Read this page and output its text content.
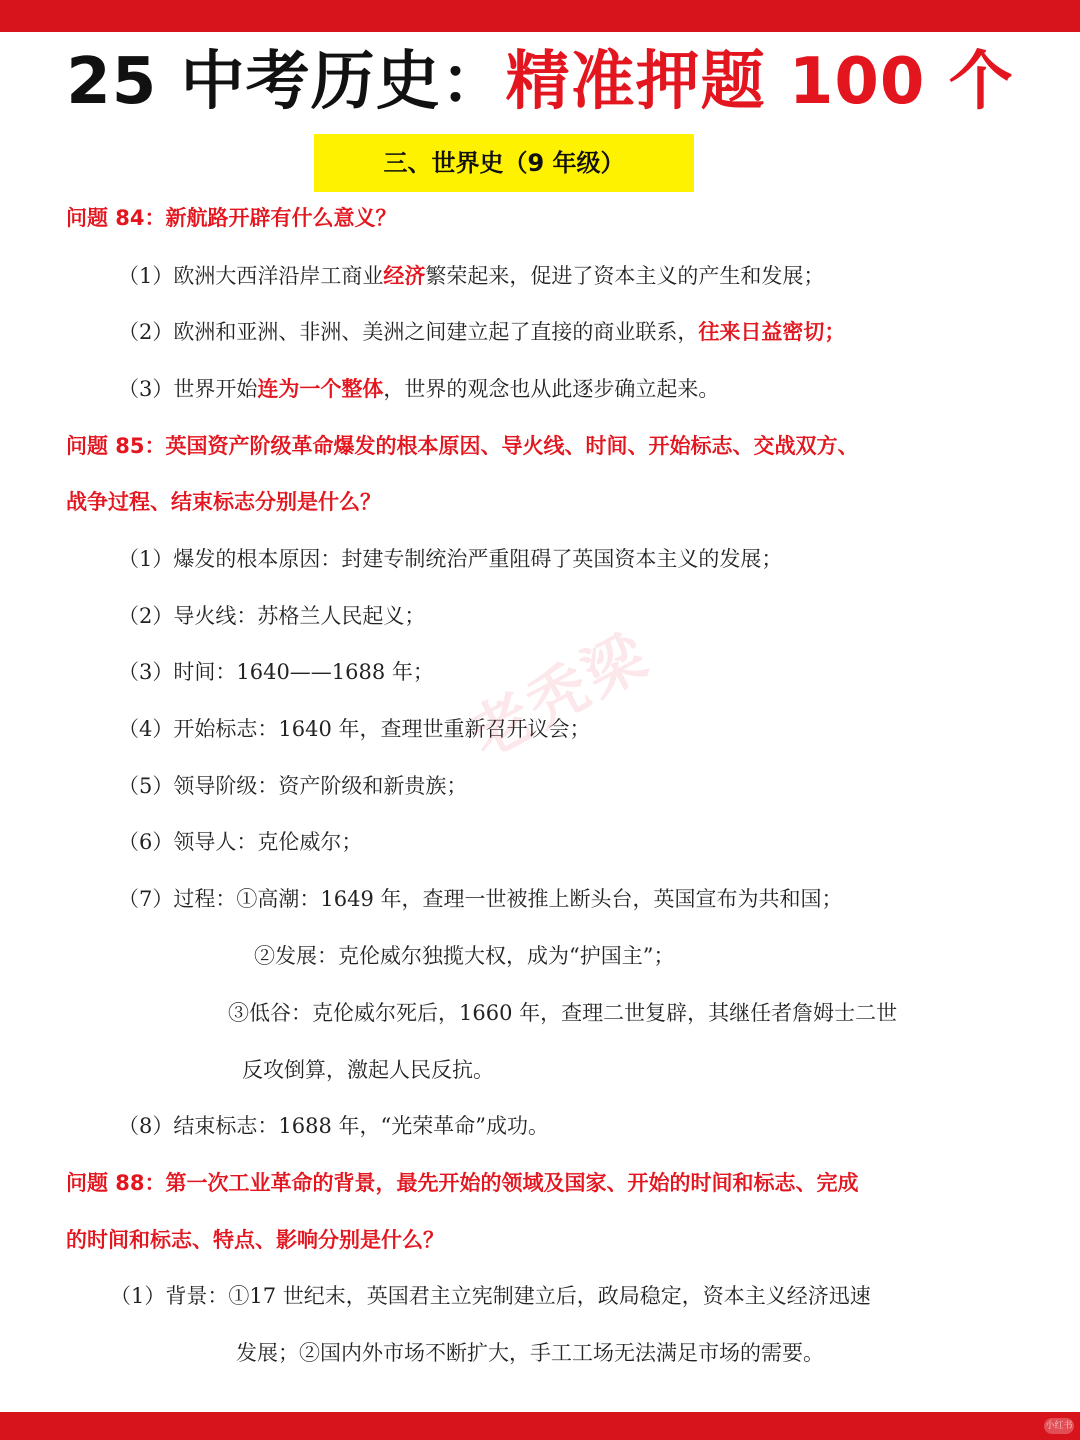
25 中考历史：精准押题 100 个
三、世界史（9 年级）
问题 84：新航路开辟有什么意义？
（1）欧洲大西洋沿岸工商业经济繁荣起来，促进了资本主义的产生和发展；
（2）欧洲和亚洲、非洲、美洲之间建立起了直接的商业联系，往来日益密切；
（3）世界开始连为一个整体，世界的观念也从此逐步确立起来。
问题 85：英国资产阶级革命爆发的根本原因、导火线、时间、开始标志、交战双方、
战争过程、结束标志分别是什么？
（1）爆发的根本原因：封建专制统治严重阻碍了英国资本主义的发展；
（2）导火线：苏格兰人民起义；
（3）时间：1640——1688 年；
（4）开始标志：1640 年，查理世重新召开议会；
（5）领导阶级：资产阶级和新贵族；
（6）领导人：克伦威尔；
（7）过程：①高潮：1649 年，查理一世被推上断头台，英国宣布为共和国；
②发展：克伦威尔独揽大权，成为“护国主”；
③低谷：克伦威尔死后，1660 年，查理二世复辟，其继任者詹姆士二世
反攻倒算，激起人民反抗。
（8）结束标志：1688 年，“光荣革命”成功。
问题 88：第一次工业革命的背景，最先开始的领域及国家、开始的时间和标志、完成
的时间和标志、特点、影响分别是什么？
（1）背景：①17 世纪末，英国君主立宪制建立后，政局稳定，资本主义经济迅速
发展；②国内外市场不断扩大，手工工场无法满足市场的需要。
老秃梁
小红书
